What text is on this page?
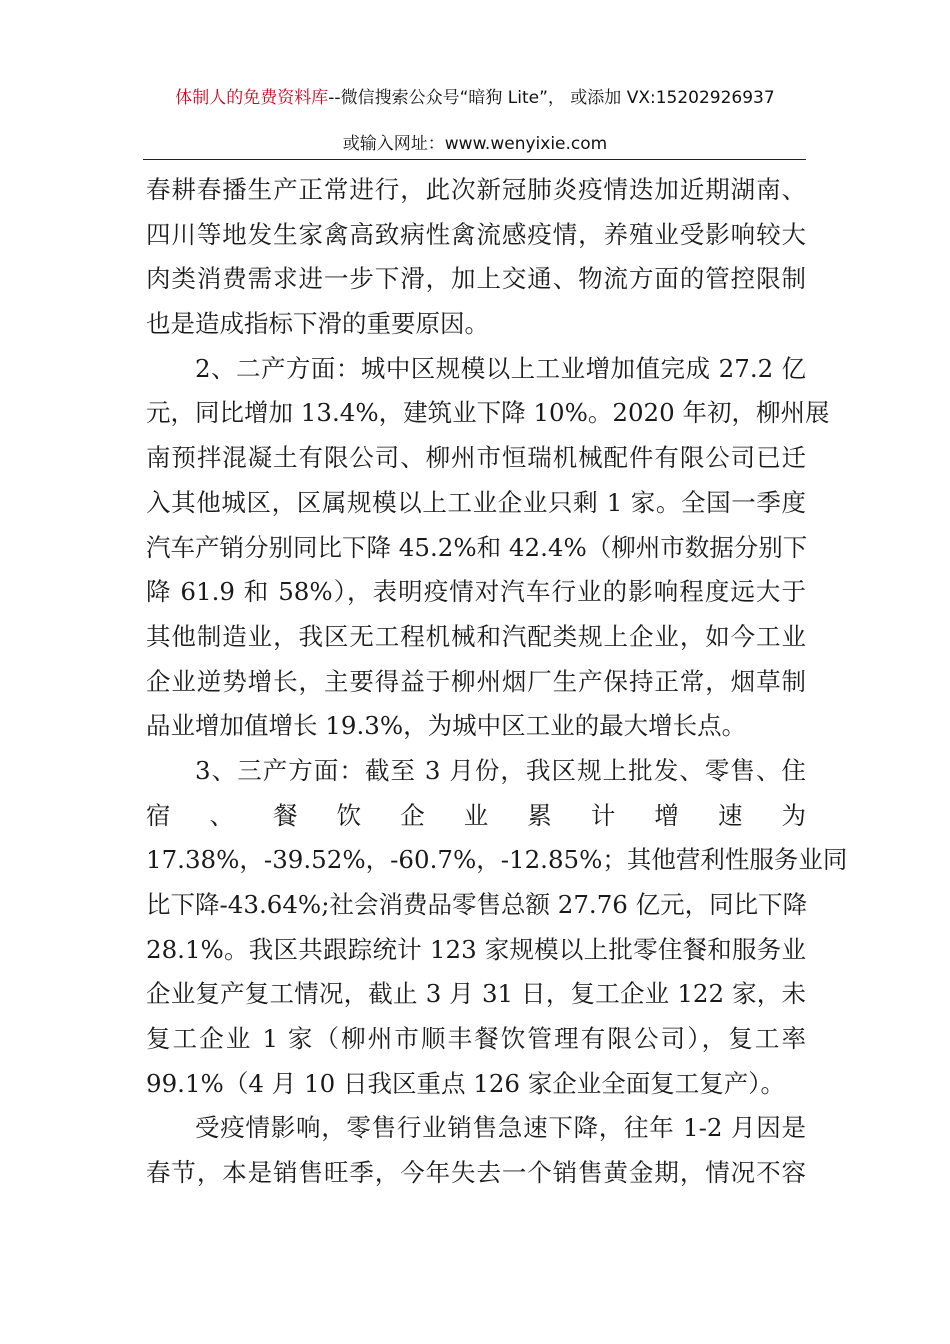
体制人的免费资料库--微信搜索公众号“暗狗 Lite”， 或添加 VX:15202926937
或输入网址：www.wenyixie.com
春耕春播生产正常进行，此次新冠肺炎疫情迭加近期湖南、
四川等地发生家禽高致病性禽流感疫情，养殖业受影响较大
肉类消费需求进一步下滑，加上交通、物流方面的管控限制
也是造成指标下滑的重要原因。
2、二产方面：城中区规模以上工业增加值完成 27.2 亿
元，同比增加 13.4%，建筑业下降 10%。2020 年初，柳州展
南预拌混凝土有限公司、柳州市恒瑞机械配件有限公司已迁
入其他城区，区属规模以上工业企业只剩 1 家。全国一季度
汽车产销分别同比下降 45.2%和 42.4%（柳州市数据分别下
降 61.9 和 58%），表明疫情对汽车行业的影响程度远大于
其他制造业，我区无工程机械和汽配类规上企业，如今工业
企业逆势增长，主要得益于柳州烟厂生产保持正常，烟草制
品业增加值增长 19.3%，为城中区工业的最大增长点。
3、三产方面：截至 3 月份，我区规上批发、零售、住
宿 、 餐 饮 企 业 累 计 增 速 为
17.38%，-39.52%，-60.7%，-12.85%；其他营利性服务业同
比下降-43.64%;社会消费品零售总额 27.76 亿元，同比下降
28.1%。我区共跟踪统计 123 家规模以上批零住餐和服务业
企业复产复工情况，截止 3 月 31 日，复工企业 122 家，未
复工企业 1 家（柳州市顺丰餐饮管理有限公司），复工率
99.1%（4 月 10 日我区重点 126 家企业全面复工复产）。
受疫情影响，零售行业销售急速下降，往年 1-2 月因是
春节，本是销售旺季，今年失去一个销售黄金期，情况不容
